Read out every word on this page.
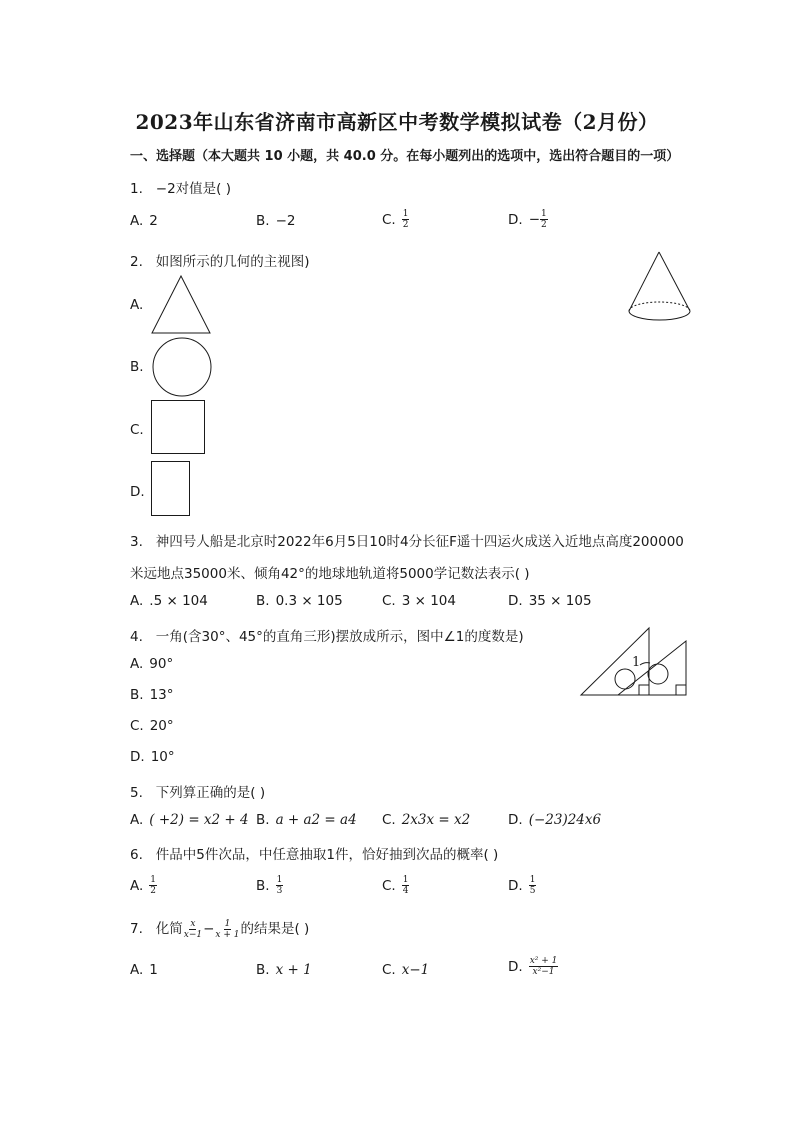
2023年山东省济南市高新区中考数学模拟试卷（2月份）
一、选择题（本大题共 10 小题，共 40.0 分。在每小题列出的选项中，选出符合题目的一项）
1. −2对值是( )
A. 2	B. −2	C. $\frac{1}{2}$	D. − $\frac{1}{2}$
2. 如图所示的几何的主视图)
A.
B.
C.
D.
3. 神四号人船是北京时2022年6月5日10时4分长征F遥十四运火成送入近地点高度200000
米远地点35000米、倾角42°的地球地轨道将5000学记数法表示( )
A. .5 × 104	B. 0.3 × 105	C. 3 × 104	D. 35 × 105
4. 一角(含30°、45°的直角三形)摆放成所示，图中∠1的度数是)
1
A. 90°
B. 13°
C. 20°
D. 10°
5. 下列算正确的是( )
A. ( +2) = x2 + 4 B. a + a2 = a4 C. 2x3x = x2	D. (−23)24x6
6. 件品中5件次品，中任意抽取1件，恰好抽到次品的概率( )
A. $\frac{1}{2}$	B. $\frac{1}{3}$	C. $\frac{1}{4}$	D. $\frac{1}{5}$
7. 化简 $\frac{x}{x-1} - \frac{1}{x + 1}$ 的结果是( )
A. 1	B. x + 1	C. x−1	D. $\frac{\text{x² + 1}}{\text{x²−1}}$
